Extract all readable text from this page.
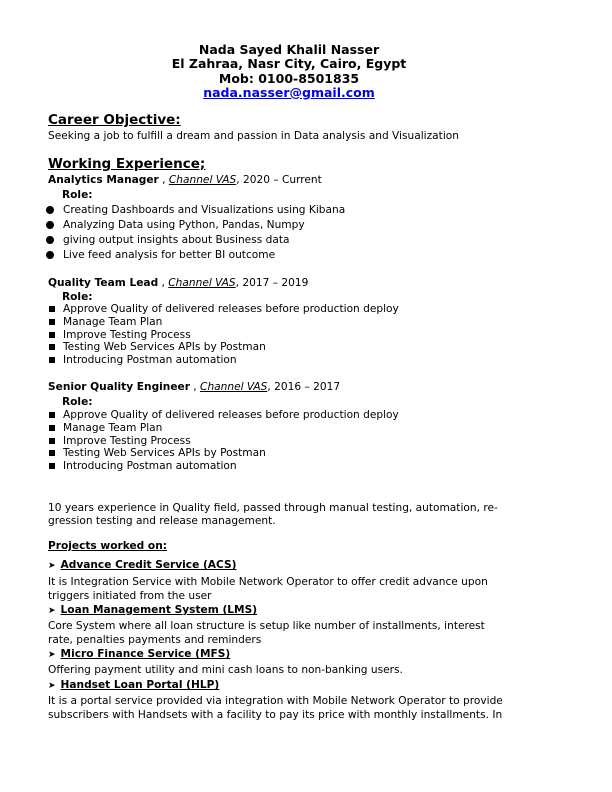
Nada Sayed Khalil Nasser
El Zahraa, Nasr City, Cairo, Egypt
Mob: 0100-8501835
nada.nasser@gmail.com
Career Objective:
Seeking a job to fulfill a dream and passion in Data analysis and Visualization
Working Experience;
Analytics Manager , Channel VAS, 2020 – Current
Role:
Creating Dashboards and Visualizations using Kibana
Analyzing Data using Python, Pandas, Numpy
giving output insights about Business data
Live feed analysis for better BI outcome
Quality Team Lead , Channel VAS, 2017 – 2019
Role:
Approve Quality of delivered releases before production deploy
Manage Team Plan
Improve Testing Process
Testing Web Services APIs by Postman
Introducing Postman automation
Senior Quality Engineer , Channel VAS, 2016 – 2017
Role:
Approve Quality of delivered releases before production deploy
Manage Team Plan
Improve Testing Process
Testing Web Services APIs by Postman
Introducing Postman automation
10 years experience in Quality field, passed through manual testing, automation, re-
gression testing and release management.
Projects worked on:
➤ Advance Credit Service (ACS)
It is Integration Service with Mobile Network Operator to offer credit advance upon
triggers initiated from the user
➤ Loan Management System (LMS)
Core System where all loan structure is setup like number of installments, interest
rate, penalties payments and reminders
➤ Micro Finance Service (MFS)
Offering payment utility and mini cash loans to non-banking users.
➤ Handset Loan Portal (HLP)
It is a portal service provided via integration with Mobile Network Operator to provide
subscribers with Handsets with a facility to pay its price with monthly installments. In
